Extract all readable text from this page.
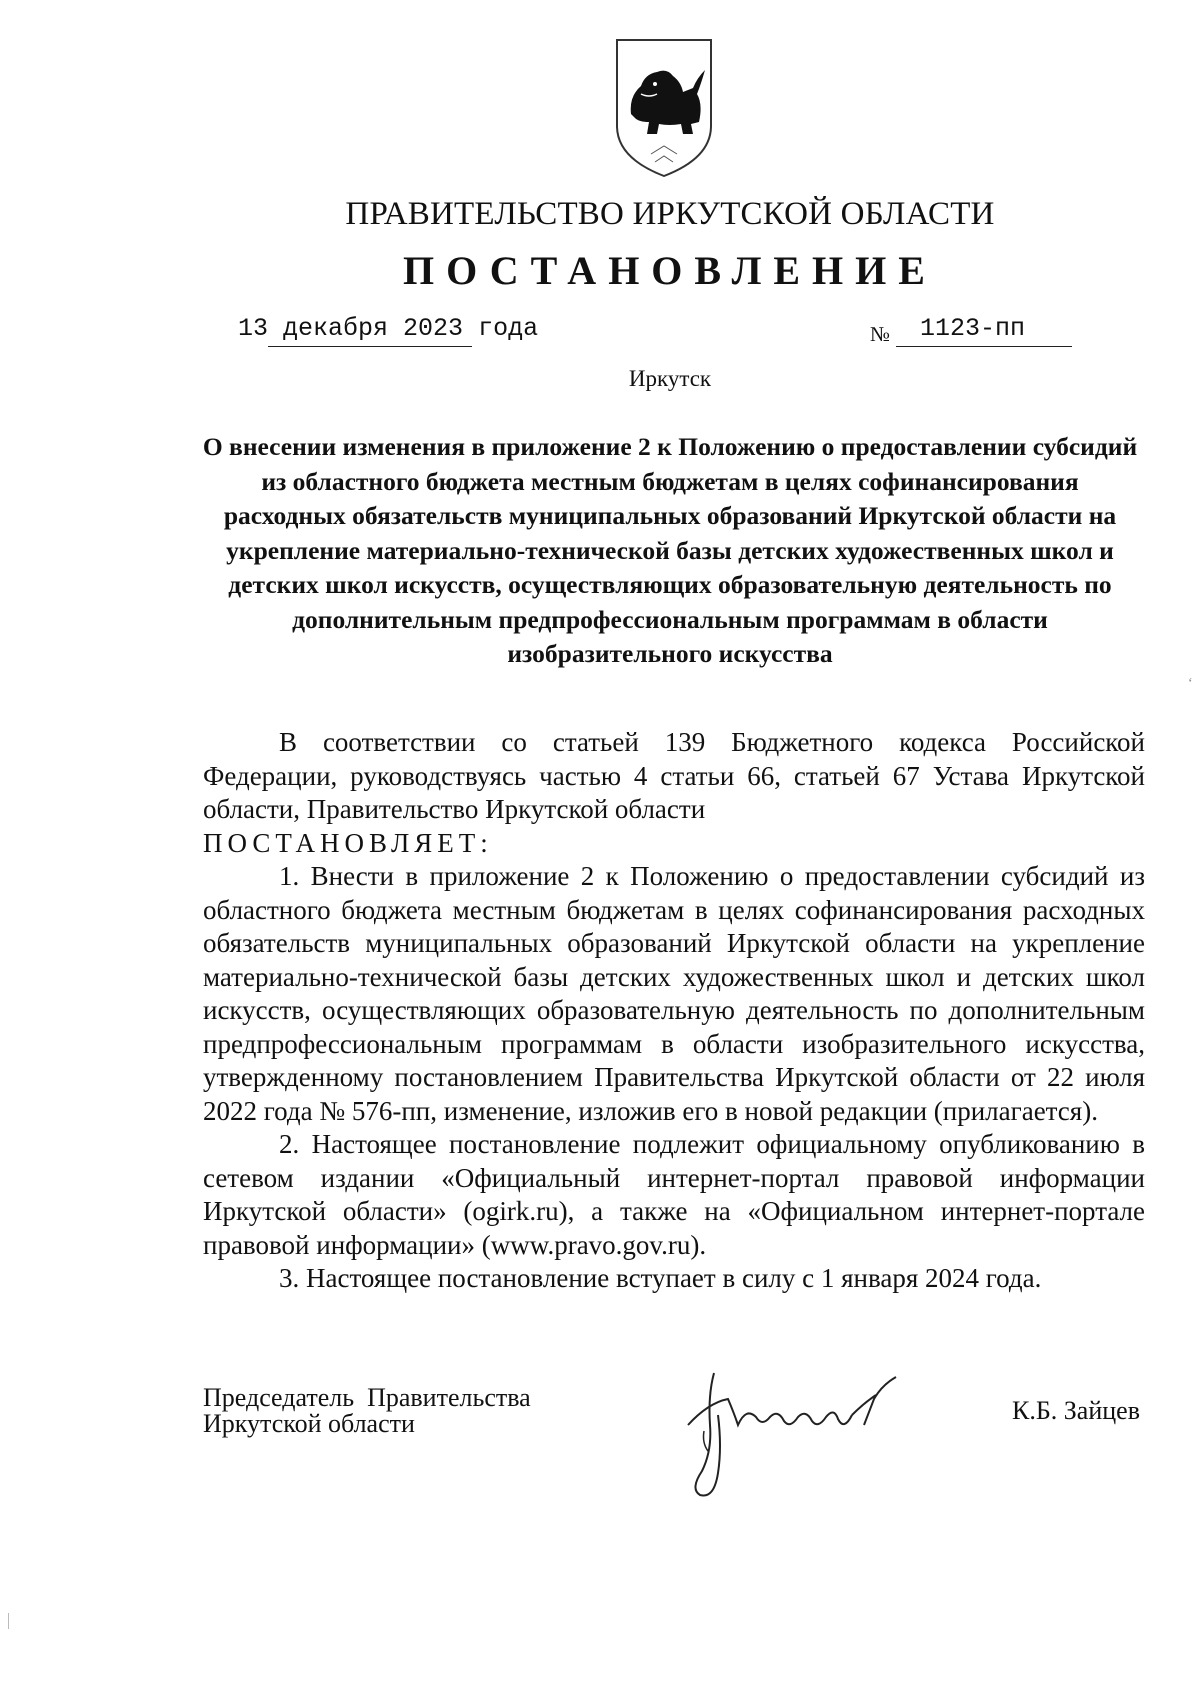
ПРАВИТЕЛЬСТВО ИРКУТСКОЙ ОБЛАСТИ
ПОСТАНОВЛЕНИЕ
13 декабря 2023 года	№ 1123-пп
Иркутск
О внесении изменения в приложение 2 к Положению о предоставлении субсидий из областного бюджета местным бюджетам в целях софинансирования расходных обязательств муниципальных образований Иркутской области на укрепление материально-технической базы детских художественных школ и детских школ искусств, осуществляющих образовательную деятельность по дополнительным предпрофессиональным программам в области изобразительного искусства

В соответствии со статьей 139 Бюджетного кодекса Российской Федерации, руководствуясь частью 4 статьи 66, статьей 67 Устава Иркутской области, Правительство Иркутской области

ПОСТАНОВЛЯЕТ:

1. Внести в приложение 2 к Положению о предоставлении субсидий из областного бюджета местным бюджетам в целях софинансирования расходных обязательств муниципальных образований Иркутской области на укрепление материально-технической базы детских художественных школ и детских школ искусств, осуществляющих образовательную деятельность по дополнительным предпрофессиональным программам в области изобразительного искусства, утвержденному постановлением Правительства Иркутской области от 22 июля 2022 года № 576-пп, изменение, изложив его в новой редакции (прилагается).

2. Настоящее постановление подлежит официальному опубликованию в сетевом издании «Официальный интернет-портал правовой информации Иркутской области» (ogirk.ru), а также на «Официальном интернет-портале правовой информации» (www.pravo.gov.ru).

3. Настоящее постановление вступает в силу с 1 января 2024 года.

Председатель  Правительства
Иркутской области	К.Б. Зайцев
ʻ
